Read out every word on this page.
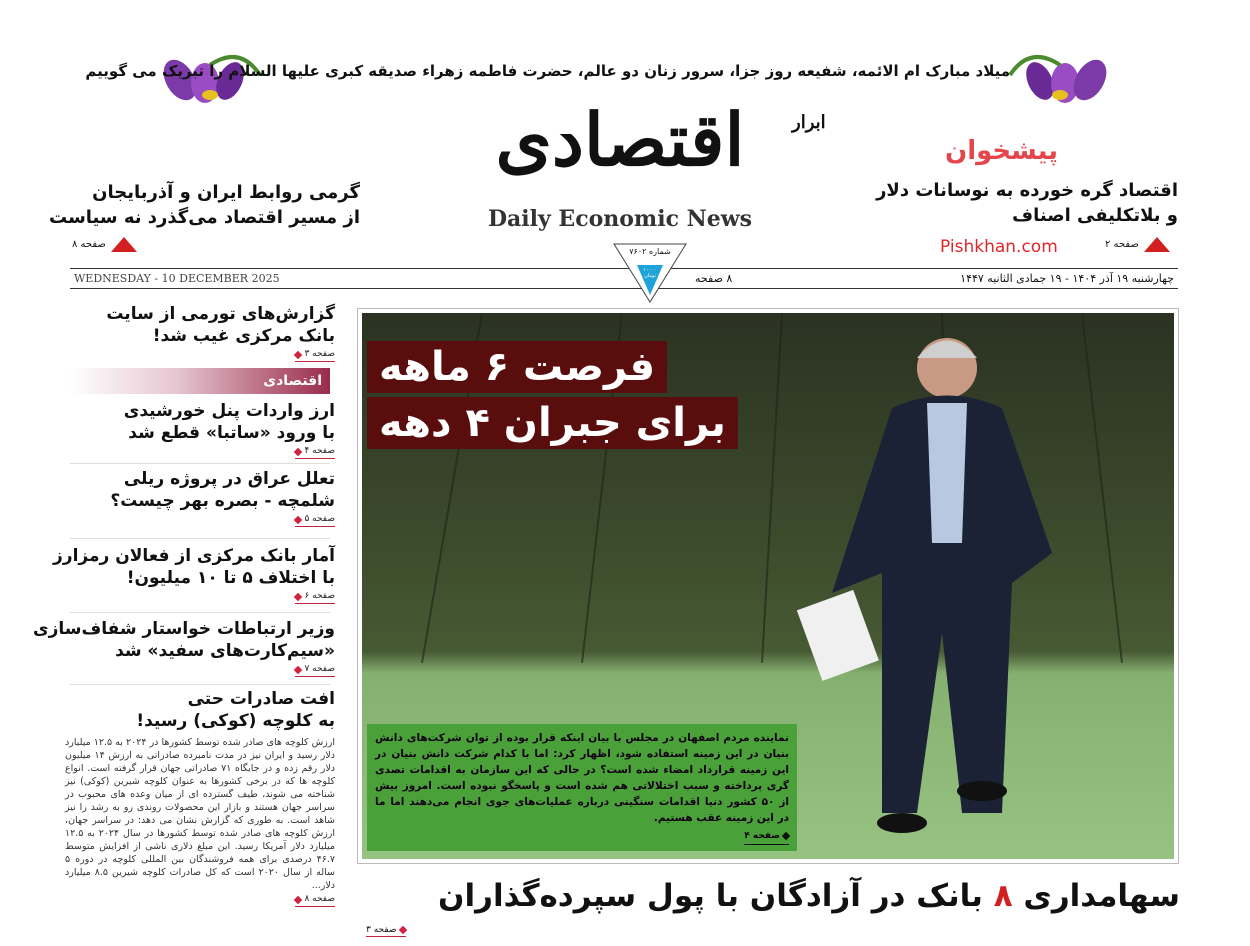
میلاد مبارک ام الائمه، شفیعه روز جزا، سرور زنان دو عالم، حضرت فاطمه زهراء صدیقه کبری علیها السلام را تبریک می گوییم
اقتصادی	ابرار
Daily Economic News
گرمی روابط ایران و آذربایجان
از مسیر اقتصاد می‌گذرد نه سیاست
صفحه ۸
پیشخوان
اقتصاد گره خورده به نوسانات دلار
و بلاتکلیفی اصناف
Pishkhan.com	صفحه ۲
WEDNESDAY - 10 DECEMBER 2025	۸ صفحه	چهارشنبه ۱۹ آذر ۱۴۰۴ - ۱۹ جمادی الثانیه ۱۴۴۷
شماره ۷۶۰۲
۱۰۰۰۰ تومان
گزارش‌های تورمی از سایت
بانک مرکزی غیب شد!
صفحه ۳
اقتصادی
ارز واردات پنل خورشیدی
با ورود «ساتبا» قطع شد
صفحه ۴
تعلل عراق در پروژه ریلی
شلمچه - بصره بهر چیست؟
صفحه ۵
آمار بانک مرکزی از فعالان رمزارز
با اختلاف ۵ تا ۱۰ میلیون!
صفحه ۶
وزیر ارتباطات خواستار شفاف‌سازی
«سیم‌کارت‌های سفید» شد
صفحه ۷
افت صادرات حتی
به کلوچه (کوکی) رسید!

ارزش کلوچه های صادر شده توسط کشورها در ۲۰۲۴ به ۱۲.۵ میلیارد دلار رسید و ایران نیز در مدت نامبرده صادراتی به ارزش ۱۴ میلیون دلار رقم زده و در جایگاه ۷۱ صادراتی جهان قرار گرفته است. انواع کلوچه ها که در برخی کشورها به عنوان کلوچه شیرین (کوکی) نیز شناخته می شوند، طیف گسترده ای از میان وعده های محبوب در سراسر جهان هستند و بازار این محصولات روندی رو به رشد را نیز شاهد است. به طوری که گزارش نشان می دهد: در سراسر جهان، ارزش کلوچه های صادر شده توسط کشورها در سال ۲۰۲۴ به ۱۲.۵ میلیارد دلار آمریکا رسید. این مبلغ دلاری ناشی از افزایش متوسط ۴۶.۷ درصدی برای همه فروشندگان بین المللی کلوچه در دوره ۵ ساله از سال ۲۰۲۰ است که کل صادرات کلوچه شیرین ۸.۵ میلیارد دلار...

صفحه ۸
فرصت ۶ ماهه
برای جبران ۴ دهه
نماینده مردم اصفهان در مجلس با بیان اینکه قرار بوده از توان شرکت‌های دانش بنیان در این زمینه استفاده شود، اظهار کرد: اما با کدام شرکت دانش بنیان در این زمینه قرارداد امضاء شده است؟ در حالی که این سازمان به اقدامات تصدی گری پرداخته و سبب اختلالاتی هم شده است و پاسخگو نبوده است. امروز بیش از ۵۰ کشور دنیا اقدامات سنگینی درباره عملیات‌های جوی انجام می‌دهند اما ما در این زمینه عقب هستیم.
صفحه ۴
سهامداری ۸ بانک در آزادگان با پول سپرده‌گذاران
صفحه ۳
